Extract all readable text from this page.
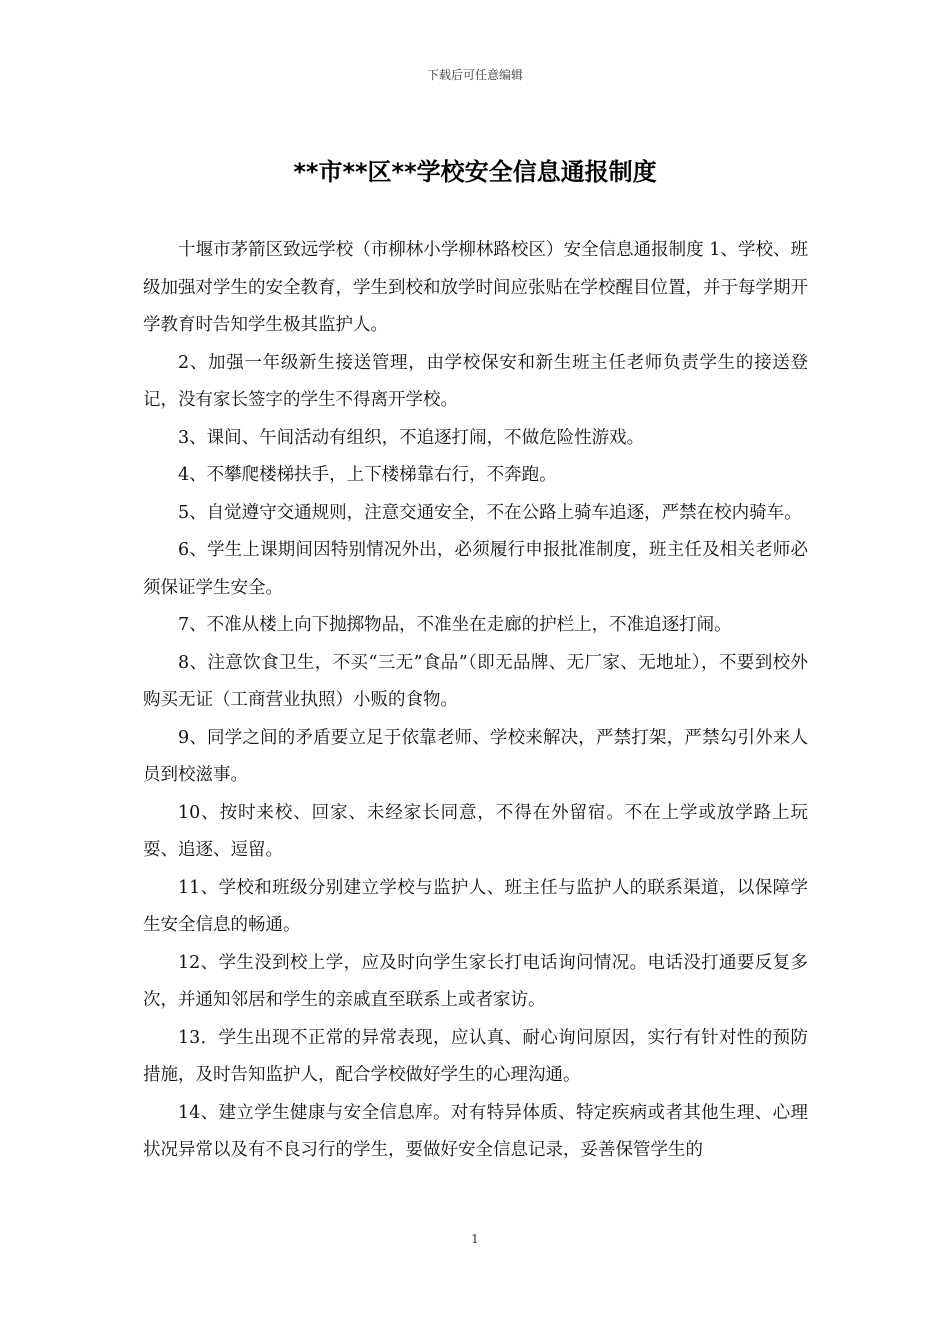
下载后可任意编辑
**市**区**学校安全信息通报制度

十堰市茅箭区致远学校（市柳林小学柳林路校区）安全信息通报制度 1、学校、班级加强对学生的安全教育，学生到校和放学时间应张贴在学校醒目位置，并于每学期开学教育时告知学生极其监护人。

2、加强一年级新生接送管理，由学校保安和新生班主任老师负责学生的接送登记，没有家长签字的学生不得离开学校。

3、课间、午间活动有组织，不追逐打闹，不做危险性游戏。

4、不攀爬楼梯扶手，上下楼梯靠右行，不奔跑。

5、自觉遵守交通规则，注意交通安全，不在公路上骑车追逐，严禁在校内骑车。

6、学生上课期间因特别情况外出，必须履行申报批准制度，班主任及相关老师必须保证学生安全。

7、不准从楼上向下抛掷物品，不准坐在走廊的护栏上，不准追逐打闹。

8、注意饮食卫生，不买“三无”食品”（即无品牌、无厂家、无地址），不要到校外购买无证（工商营业执照）小贩的食物。

9、同学之间的矛盾要立足于依靠老师、学校来解决，严禁打架，严禁勾引外来人员到校滋事。

10、按时来校、回家、未经家长同意，不得在外留宿。不在上学或放学路上玩耍、追逐、逗留。

11、学校和班级分别建立学校与监护人、班主任与监护人的联系渠道，以保障学生安全信息的畅通。

12、学生没到校上学，应及时向学生家长打电话询问情况。电话没打通要反复多次，并通知邻居和学生的亲戚直至联系上或者家访。

13．学生出现不正常的异常表现，应认真、耐心询问原因，实行有针对性的预防措施，及时告知监护人，配合学校做好学生的心理沟通。

14、建立学生健康与安全信息库。对有特异体质、特定疾病或者其他生理、心理状况异常以及有不良习行的学生，要做好安全信息记录，妥善保管学生的

1
